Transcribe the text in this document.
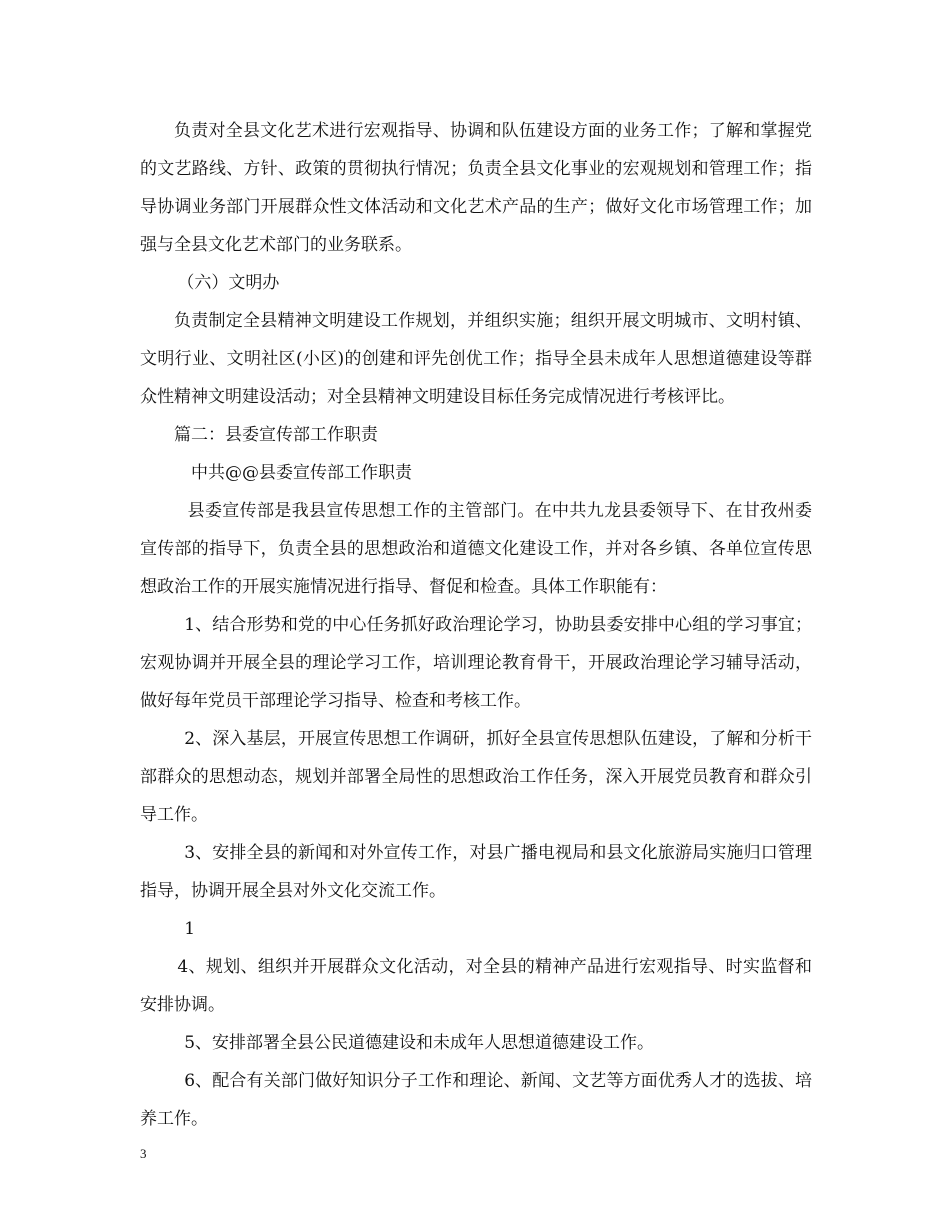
负责对全县文化艺术进行宏观指导、协调和队伍建设方面的业务工作；了解和掌握党的文艺路线、方针、政策的贯彻执行情况；负责全县文化事业的宏观规划和管理工作；指导协调业务部门开展群众性文体活动和文化艺术产品的生产；做好文化市场管理工作；加强与全县文化艺术部门的业务联系。

（六）文明办

负责制定全县精神文明建设工作规划，并组织实施；组织开展文明城市、文明村镇、文明行业、文明社区(小区)的创建和评先创优工作；指导全县未成年人思想道德建设等群众性精神文明建设活动；对全县精神文明建设目标任务完成情况进行考核评比。

篇二：县委宣传部工作职责

中共@@县委宣传部工作职责

县委宣传部是我县宣传思想工作的主管部门。在中共九龙县委领导下、在甘孜州委宣传部的指导下，负责全县的思想政治和道德文化建设工作，并对各乡镇、各单位宣传思想政治工作的开展实施情况进行指导、督促和检查。具体工作职能有：

1、结合形势和党的中心任务抓好政治理论学习，协助县委安排中心组的学习事宜；宏观协调并开展全县的理论学习工作，培训理论教育骨干，开展政治理论学习辅导活动，做好每年党员干部理论学习指导、检查和考核工作。

2、深入基层，开展宣传思想工作调研，抓好全县宣传思想队伍建设，了解和分析干部群众的思想动态，规划并部署全局性的思想政治工作任务，深入开展党员教育和群众引导工作。

3、安排全县的新闻和对外宣传工作，对县广播电视局和县文化旅游局实施归口管理指导，协调开展全县对外文化交流工作。

1

4、规划、组织并开展群众文化活动，对全县的精神产品进行宏观指导、时实监督和安排协调。

5、安排部署全县公民道德建设和未成年人思想道德建设工作。

6、配合有关部门做好知识分子工作和理论、新闻、文艺等方面优秀人才的选拔、培养工作。

3
